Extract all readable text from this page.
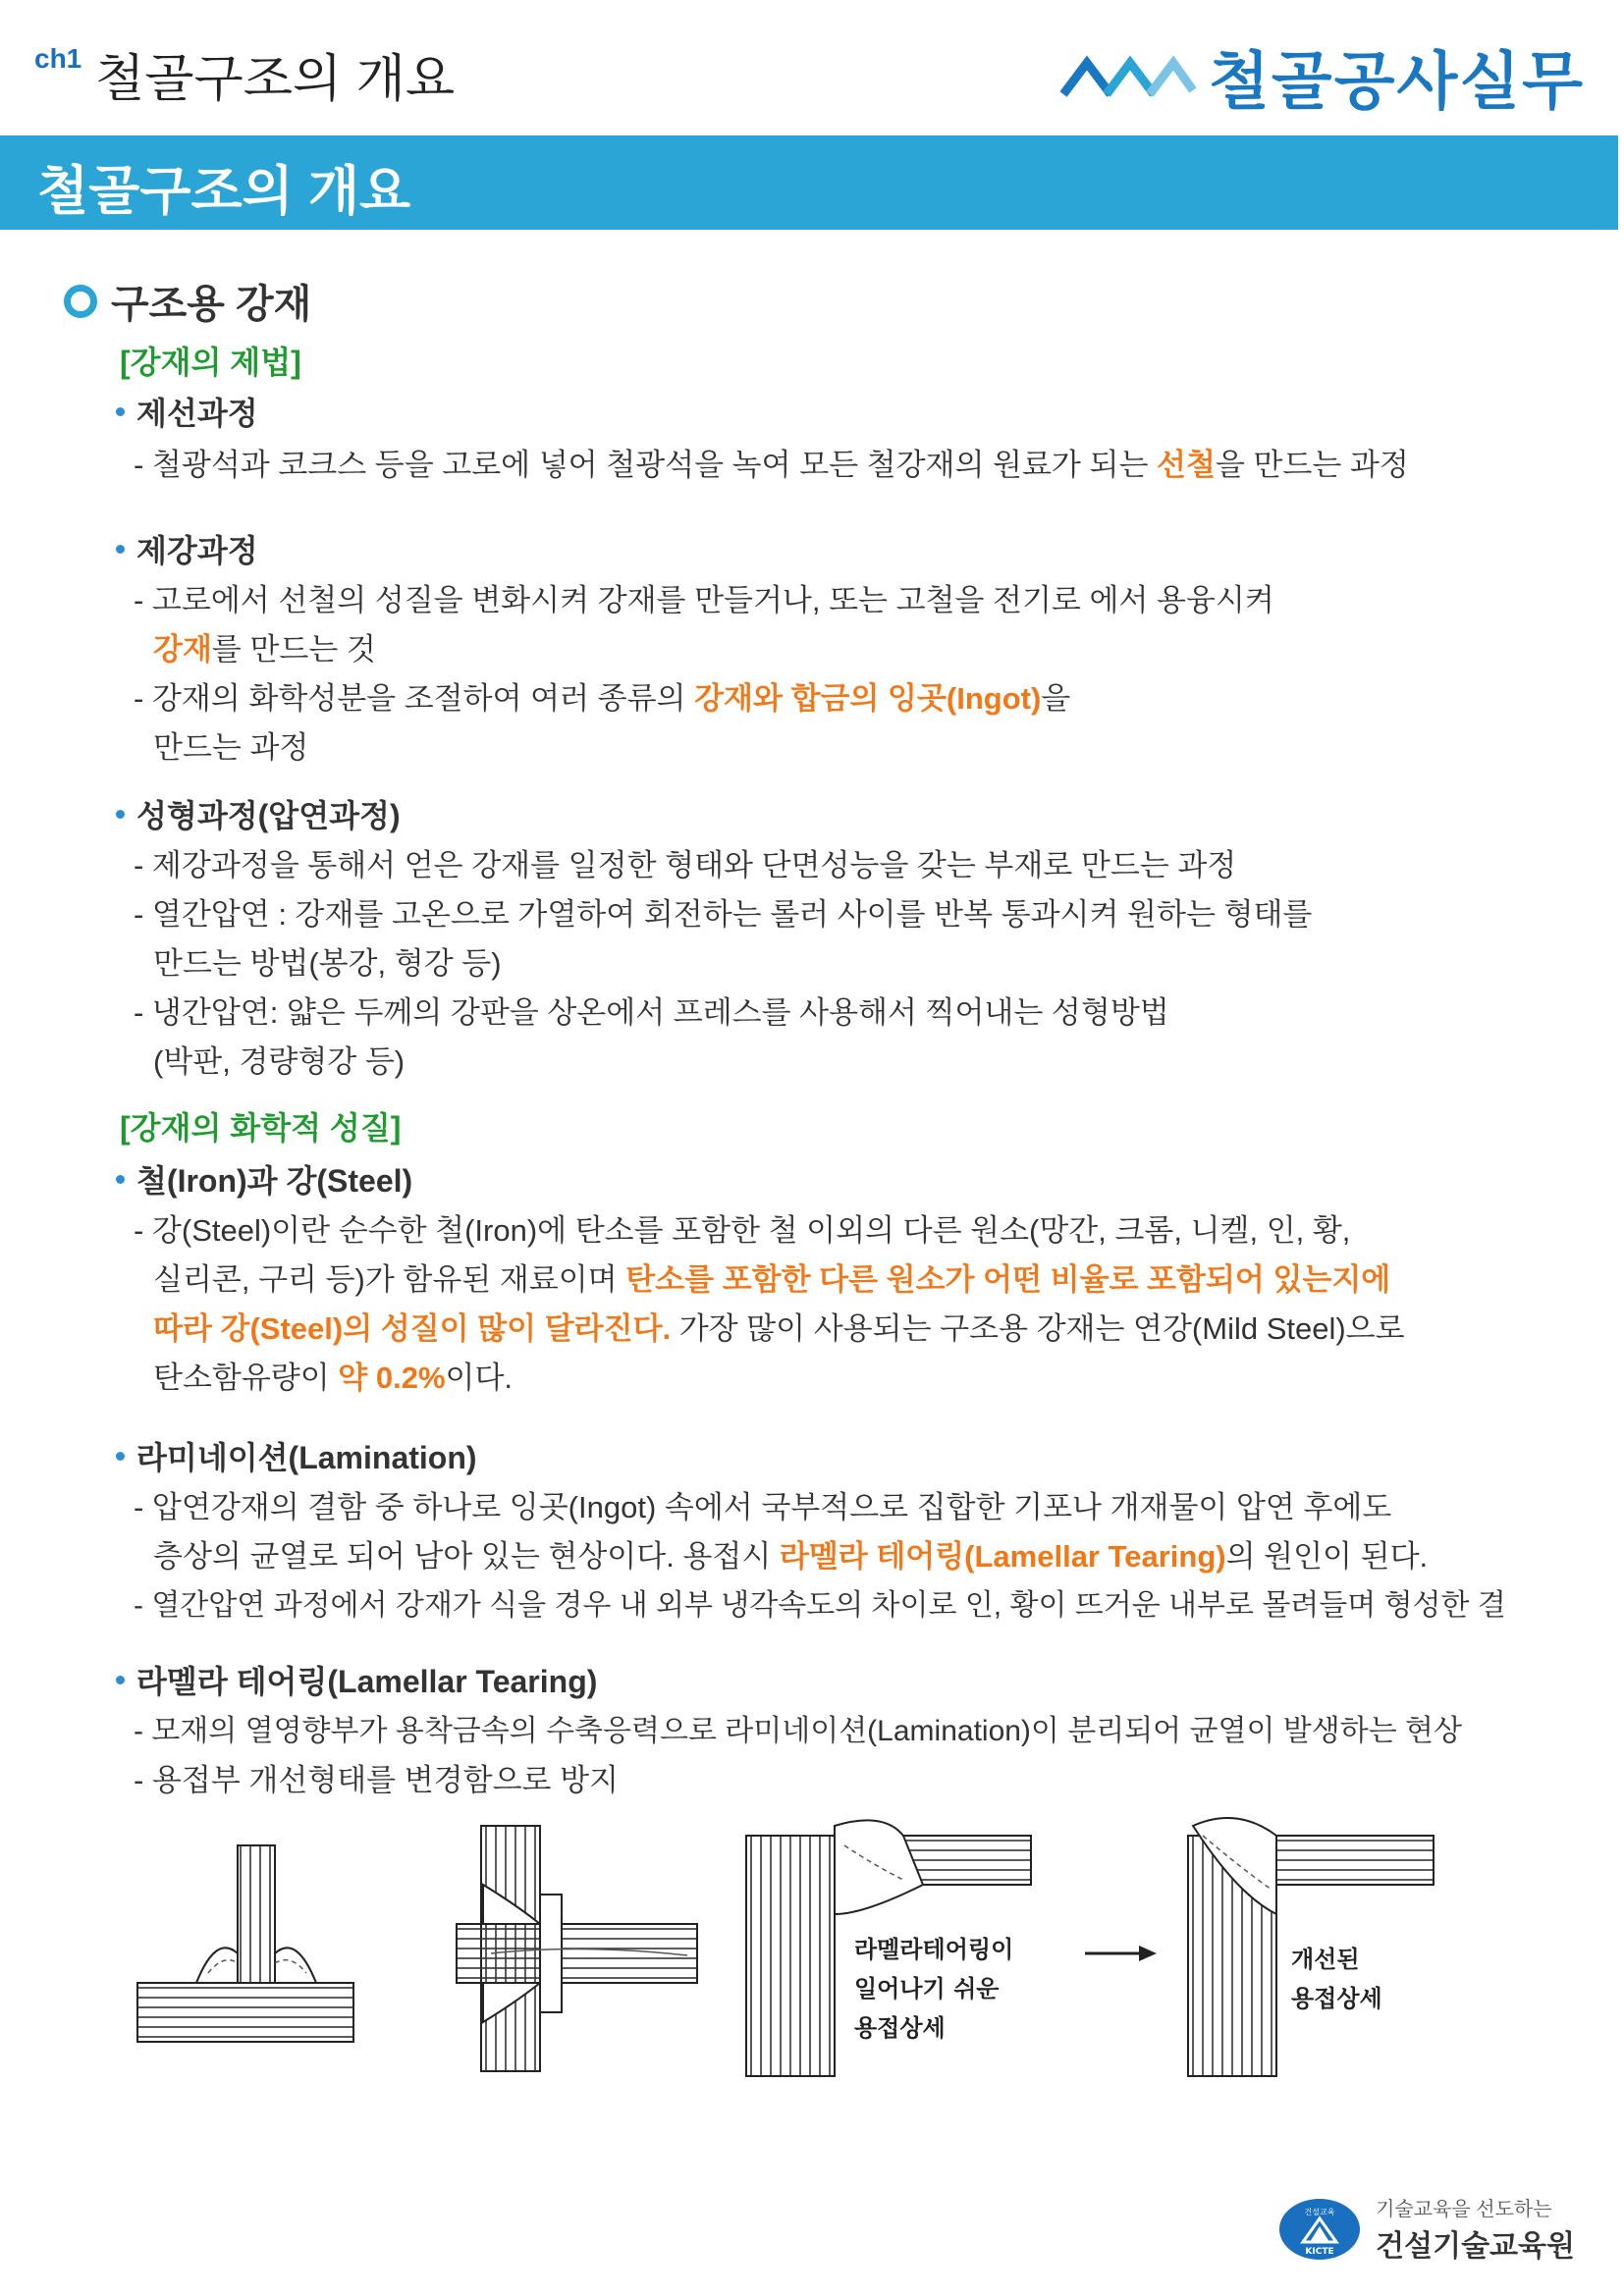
ch1 철골구조의 개요	철골공사실무
철골구조의 개요
구조용 강재
[강재의 제법]
제선과정
- 철광석과 코크스 등을 고로에 넣어 철광석을 녹여 모든 철강재의 원료가 되는 선철을 만드는 과정
제강과정
- 고로에서 선철의 성질을 변화시켜 강재를 만들거나, 또는 고철을 전기로 에서 용융시켜
강재를 만드는 것
- 강재의 화학성분을 조절하여 여러 종류의 강재와 합금의 잉곳(Ingot)을
만드는 과정
성형과정(압연과정)
- 제강과정을 통해서 얻은 강재를 일정한 형태와 단면성능을 갖는 부재로 만드는 과정
- 열간압연 : 강재를 고온으로 가열하여 회전하는 롤러 사이를 반복 통과시켜 원하는 형태를
만드는 방법(봉강, 형강 등)
- 냉간압연: 얇은 두께의 강판을 상온에서 프레스를 사용해서 찍어내는 성형방법
(박판, 경량형강 등)
[강재의 화학적 성질]
철(Iron)과 강(Steel)
- 강(Steel)이란 순수한 철(Iron)에 탄소를 포함한 철 이외의 다른 원소(망간, 크롬, 니켈, 인, 황,
실리콘, 구리 등)가 함유된 재료이며 탄소를 포함한 다른 원소가 어떤 비율로 포함되어 있는지에
따라 강(Steel)의 성질이 많이 달라진다. 가장 많이 사용되는 구조용 강재는 연강(Mild Steel)으로
탄소함유량이 약 0.2%이다.
라미네이션(Lamination)
- 압연강재의 결함 중 하나로 잉곳(Ingot) 속에서 국부적으로 집합한 기포나 개재물이 압연 후에도
층상의 균열로 되어 남아 있는 현상이다. 용접시 라멜라 테어링(Lamellar Tearing)의 원인이 된다.
- 열간압연 과정에서 강재가 식을 경우 내 외부 냉각속도의 차이로 인, 황이 뜨거운 내부로 몰려들며 형성한 결
라멜라 테어링(Lamellar Tearing)
- 모재의 열영향부가 용착금속의 수축응력으로 라미네이션(Lamination)이 분리되어 균열이 발생하는 현상
- 용접부 개선형태를 변경함으로 방지
라멜라테어링이
일어나기 쉬운
용접상세
개선된
용접상세
건설교육
KICTE
기술교육을 선도하는
건설기술교육원
